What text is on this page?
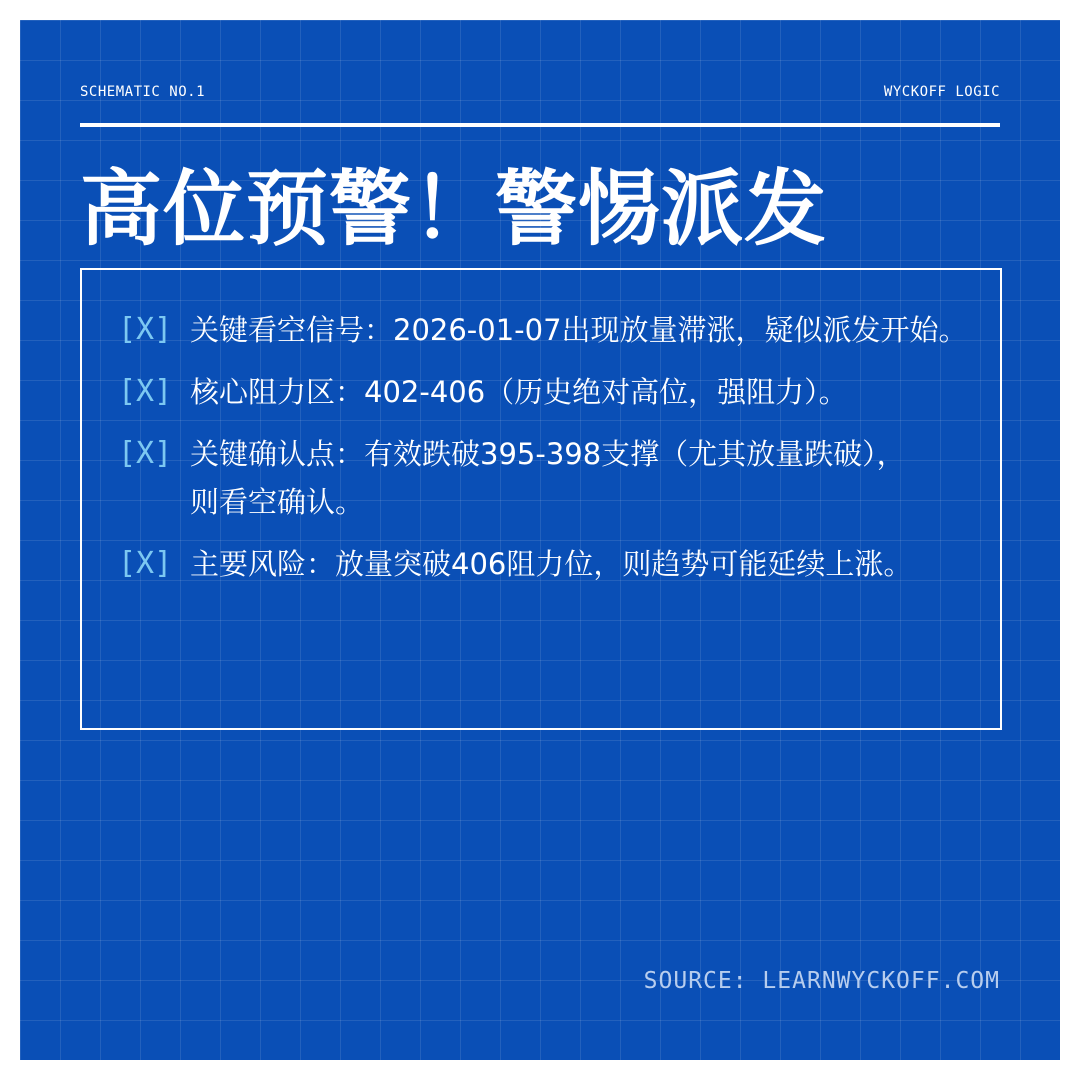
SCHEMATIC NO.1	WYCKOFF LOGIC
高位预警！警惕派发
[X] 关键看空信号：2026-01-07出现放量滞涨，疑似派发开始。
[X] 核心阻力区：402-406（历史绝对高位，强阻力）。
[X] 关键确认点：有效跌破395-398支撑（尤其放量跌破），则看空确认。
[X] 主要风险：放量突破406阻力位，则趋势可能延续上涨。
SOURCE: LEARNWYCKOFF.COM
